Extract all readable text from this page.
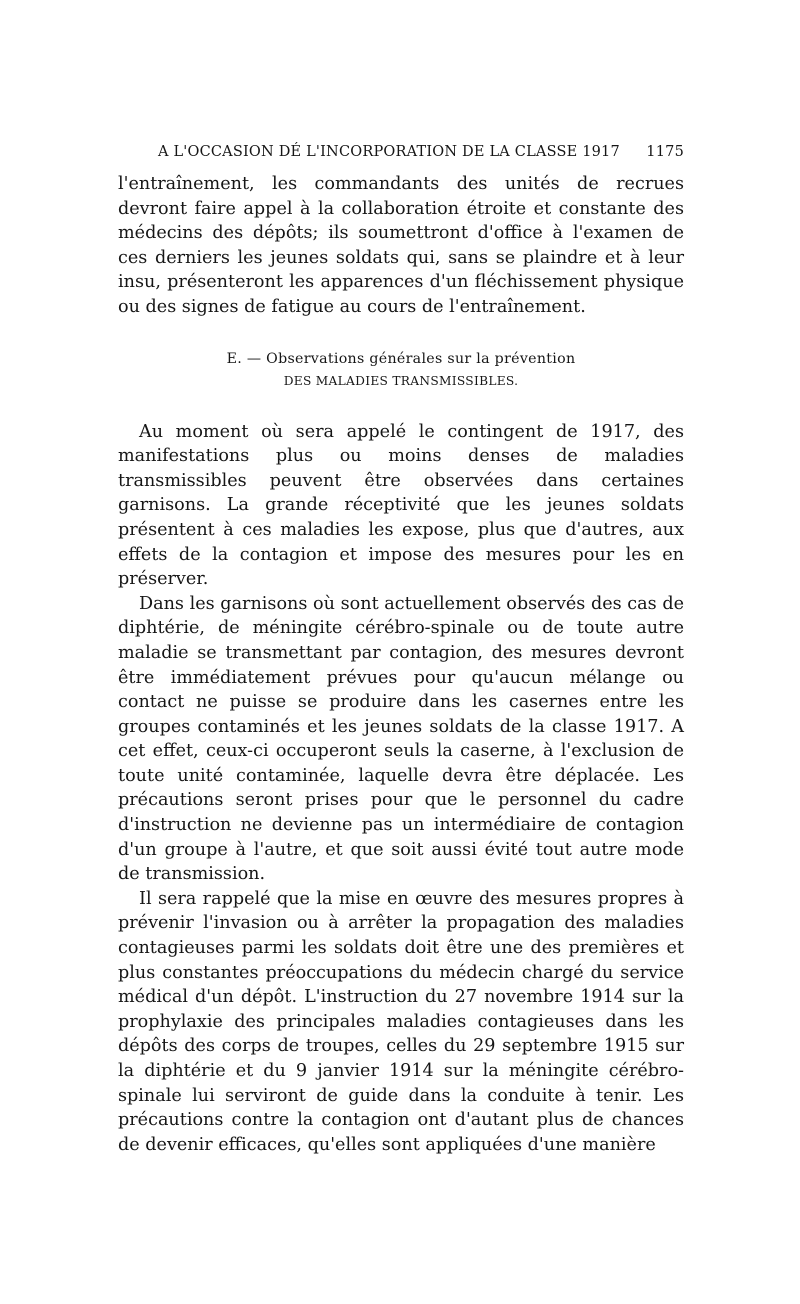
A L'OCCASION DÉ L'INCORPORATION DE LA CLASSE 1917 1175

l'entraînement, les commandants des unités de recrues devront faire appel à la collaboration étroite et constante des médecins des dépôts; ils soumettront d'office à l'examen de ces derniers les jeunes soldats qui, sans se plaindre et à leur insu, présenteront les apparences d'un fléchissement physique ou des signes de fatigue au cours de l'entraînement.

E. — Observations générales sur la prévention
DES MALADIES TRANSMISSIBLES.

Au moment où sera appelé le contingent de 1917, des manifestations plus ou moins denses de maladies transmissibles peuvent être observées dans certaines garnisons. La grande réceptivité que les jeunes soldats présentent à ces maladies les expose, plus que d'autres, aux effets de la contagion et impose des mesures pour les en préserver.

Dans les garnisons où sont actuellement observés des cas de diphtérie, de méningite cérébro-spinale ou de toute autre maladie se transmettant par contagion, des mesures devront être immédiatement prévues pour qu'aucun mélange ou contact ne puisse se produire dans les casernes entre les groupes contaminés et les jeunes soldats de la classe 1917. A cet effet, ceux-ci occuperont seuls la caserne, à l'exclusion de toute unité contaminée, laquelle devra être déplacée. Les précautions seront prises pour que le personnel du cadre d'instruction ne devienne pas un intermédiaire de contagion d'un groupe à l'autre, et que soit aussi évité tout autre mode de transmission.

Il sera rappelé que la mise en œuvre des mesures propres à prévenir l'invasion ou à arrêter la propagation des maladies contagieuses parmi les soldats doit être une des premières et plus constantes préoccupations du médecin chargé du service médical d'un dépôt. L'instruction du 27 novembre 1914 sur la prophylaxie des principales maladies contagieuses dans les dépôts des corps de troupes, celles du 29 septembre 1915 sur la diphtérie et du 9 janvier 1914 sur la méningite cérébro-spinale lui serviront de guide dans la conduite à tenir. Les précautions contre la contagion ont d'autant plus de chances de devenir efficaces, qu'elles sont appliquées d'une manière
